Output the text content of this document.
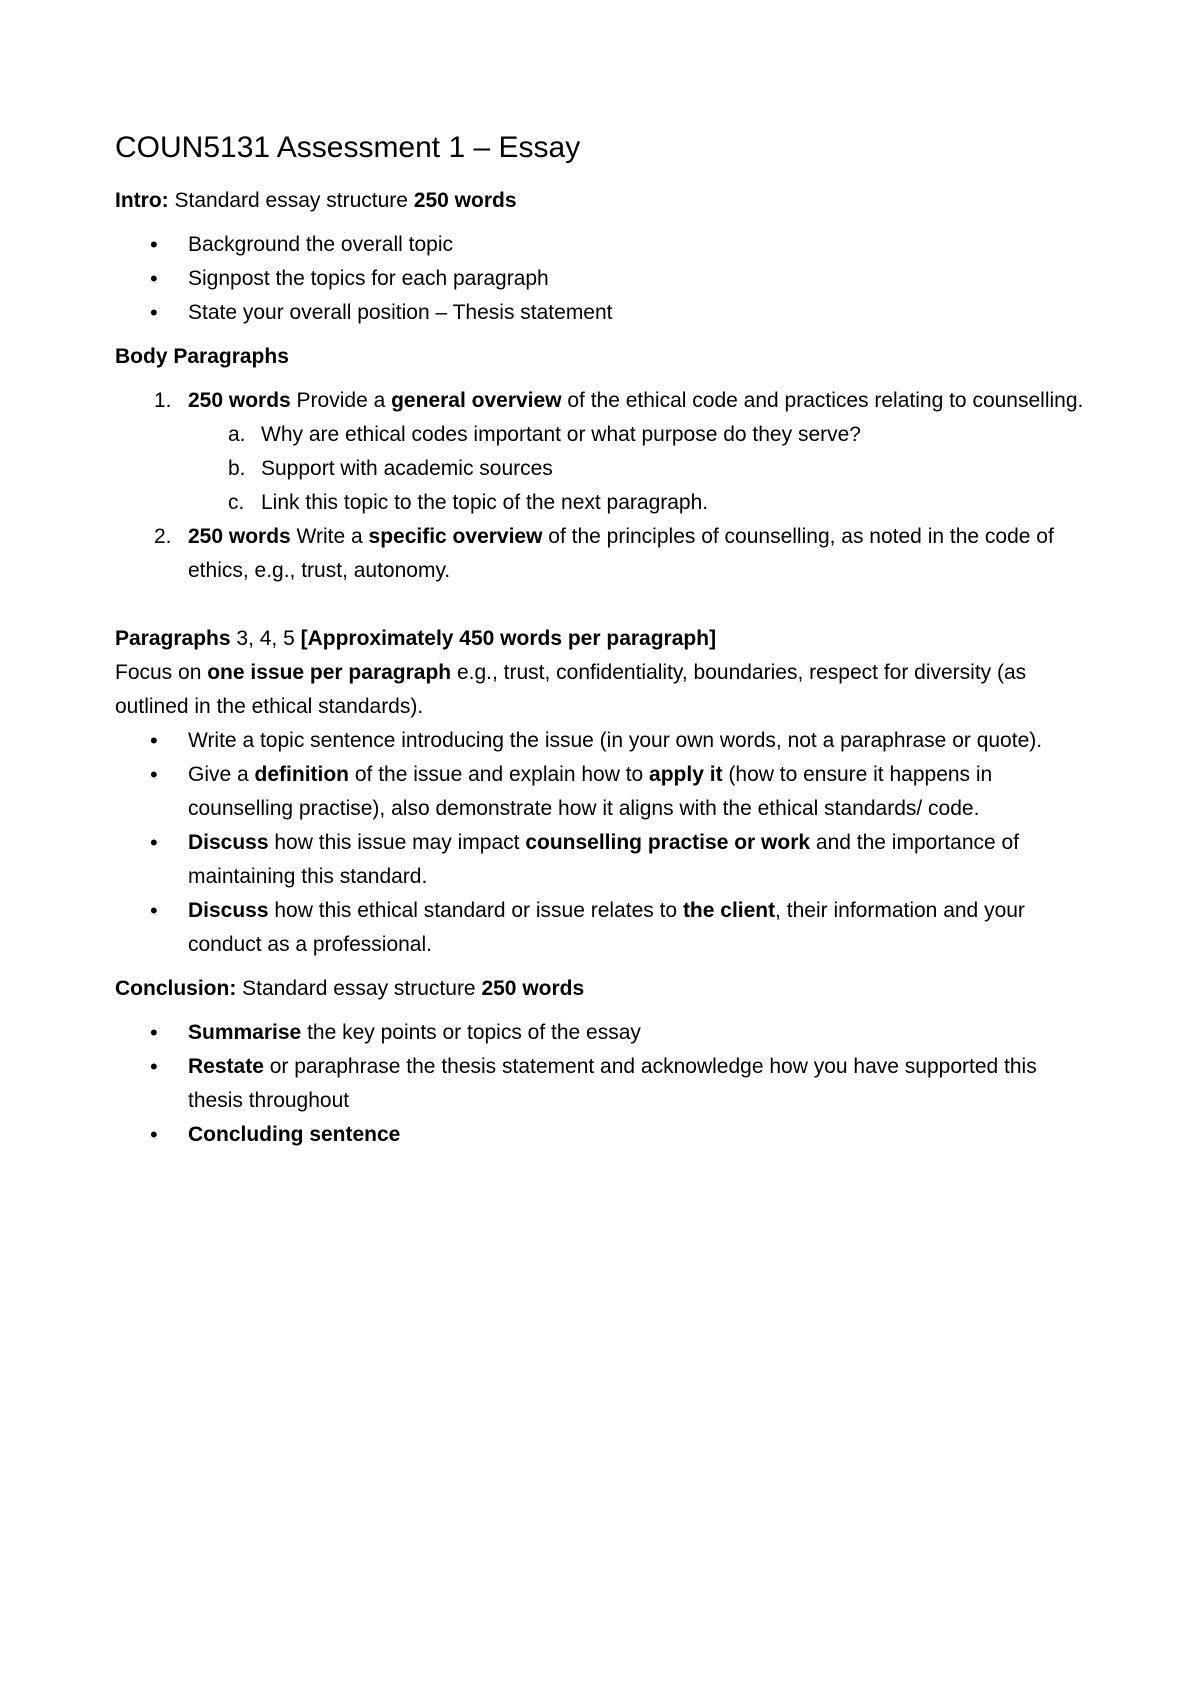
COUN5131 Assessment 1 – Essay

Intro: Standard essay structure 250 words

• Background the overall topic
• Signpost the topics for each paragraph
• State your overall position – Thesis statement

Body Paragraphs

1. 250 words Provide a general overview of the ethical code and practices relating to counselling.
a. Why are ethical codes important or what purpose do they serve?
b. Support with academic sources
c. Link this topic to the topic of the next paragraph.
2. 250 words Write a specific overview of the principles of counselling, as noted in the code of ethics, e.g., trust, autonomy.

Paragraphs 3, 4, 5 [Approximately 450 words per paragraph]

Focus on one issue per paragraph e.g., trust, confidentiality, boundaries, respect for diversity (as outlined in the ethical standards).

• Write a topic sentence introducing the issue (in your own words, not a paraphrase or quote).
• Give a definition of the issue and explain how to apply it (how to ensure it happens in counselling practise), also demonstrate how it aligns with the ethical standards/ code.
• Discuss how this issue may impact counselling practise or work and the importance of maintaining this standard.
• Discuss how this ethical standard or issue relates to the client, their information and your conduct as a professional.

Conclusion: Standard essay structure 250 words

• Summarise the key points or topics of the essay
• Restate or paraphrase the thesis statement and acknowledge how you have supported this thesis throughout
• Concluding sentence
